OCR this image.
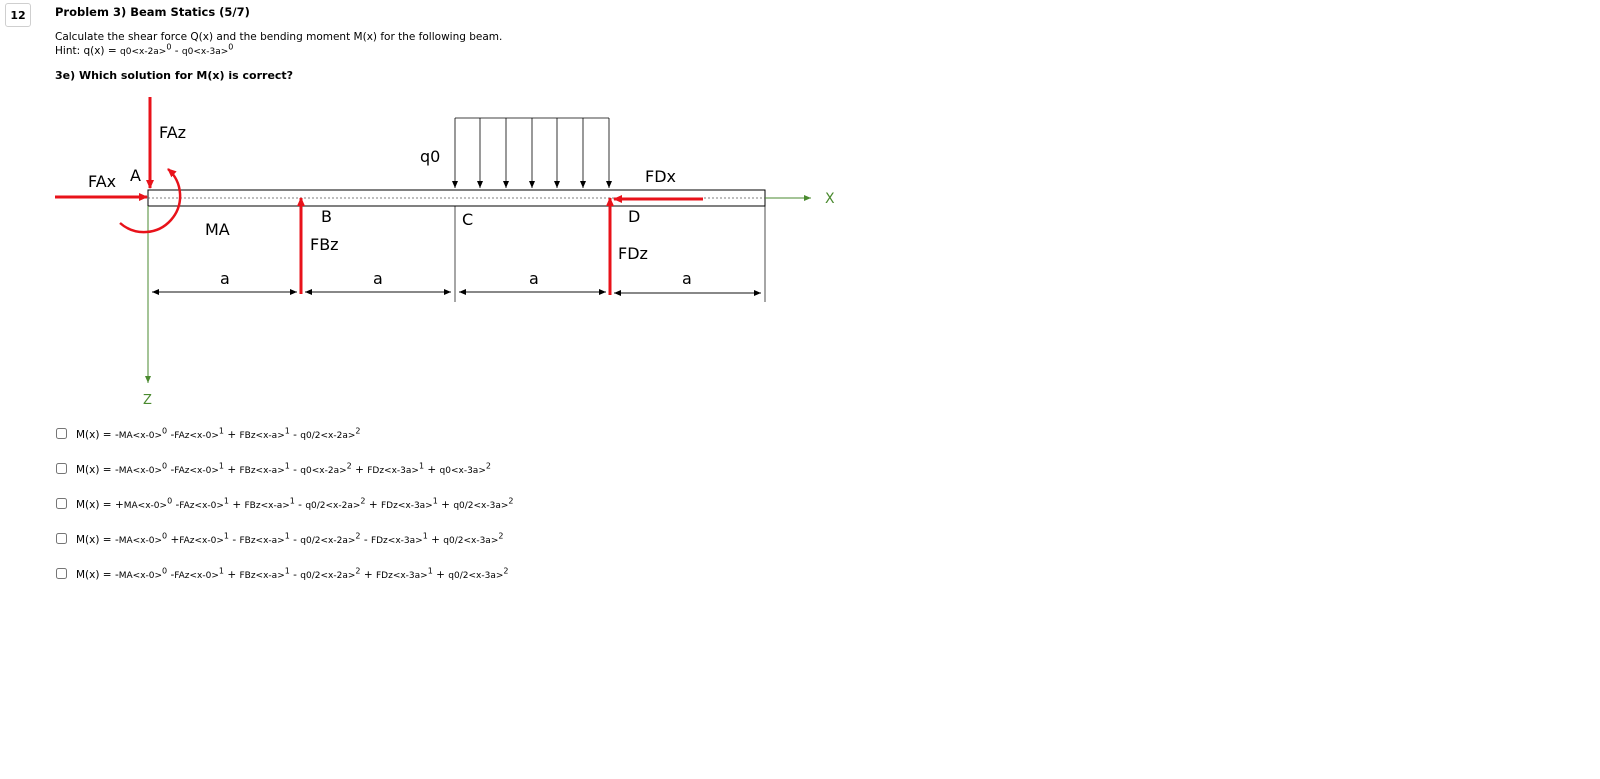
12	Problem 3) Beam Statics (5/7)
Calculate the shear force Q(x) and the bending moment M(x) for the following beam.
Hint: q(x) = q0<x-2a>$^0$ - q0<x-3a>$^0$
3e) Which solution for M(x) is correct?
X
Z
q0
FAz
FAx A
MA
B
FBz
C	D
FDz
FDx
a	a	a	a
M(x) = -MA<x-0>$^0$ -FAz<x-0>$^1$ + FBz<x-a>$^1$ - q0/2<x-2a>$^2$
M(x) = -MA<x-0>$^0$ -FAz<x-0>$^1$ + FBz<x-a>$^1$ - q0<x-2a>$^2$ + FDz<x-3a>$^1$ + q0<x-3a>$^2$
M(x) = +MA<x-0>$^0$ -FAz<x-0>$^1$ + FBz<x-a>$^1$ - q0/2<x-2a>$^2$ + FDz<x-3a>$^1$ + q0/2<x-3a>$^2$
M(x) = -MA<x-0>$^0$ +FAz<x-0>$^1$ - FBz<x-a>$^1$ - q0/2<x-2a>$^2$ - FDz<x-3a>$^1$ + q0/2<x-3a>$^2$
M(x) = -MA<x-0>$^0$ -FAz<x-0>$^1$ + FBz<x-a>$^1$ - q0/2<x-2a>$^2$ + FDz<x-3a>$^1$ + q0/2<x-3a>$^2$
